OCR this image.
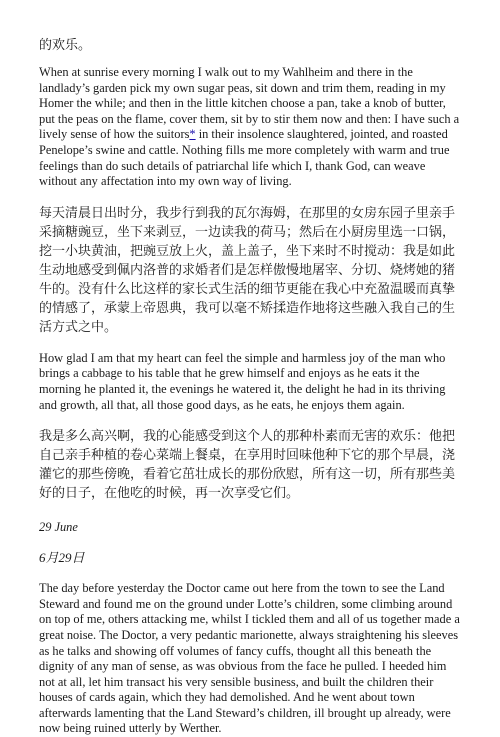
的欢乐。

When at sunrise every morning I walk out to my Wahlheim and there in the landlady’s garden pick my own sugar peas, sit down and trim them, reading in my Homer the while; and then in the little kitchen choose a pan, take a knob of butter, put the peas on the flame, cover them, sit by to stir them now and then: I have such a lively sense of how the suitors* in their insolence slaughtered, jointed, and roasted Penelope’s swine and cattle. Nothing fills me more completely with warm and true feelings than do such details of patriarchal life which I, thank God, can weave without any affectation into my own way of living.

每天清晨日出时分，我步行到我的瓦尔海姆，在那里的女房东园子里亲手采摘糖豌豆，坐下来剥豆，一边读我的荷马；然后在小厨房里选一口锅，挖一小块黄油，把豌豆放上火，盖上盖子，坐下来时不时搅动：我是如此生动地感受到佩内洛普的求婚者们是怎样傲慢地屠宰、分切、烧烤她的猪牛的。没有什么比这样的家长式生活的细节更能在我心中充盈温暖而真挚的情感了，承蒙上帝恩典，我可以毫不矫揉造作地将这些融入我自己的生活方式之中。

How glad I am that my heart can feel the simple and harmless joy of the man who brings a cabbage to his table that he grew himself and enjoys as he eats it the morning he planted it, the evenings he watered it, the delight he had in its thriving and growth, all that, all those good days, as he eats, he enjoys them again.

我是多么高兴啊，我的心能感受到这个人的那种朴素而无害的欢乐：他把自己亲手种植的卷心菜端上餐桌，在享用时回味他种下它的那个早晨，浇灌它的那些傍晚，看着它茁壮成长的那份欣慰，所有这一切，所有那些美好的日子，在他吃的时候，再一次享受它们。

29 June

6月29日

The day before yesterday the Doctor came out here from the town to see the Land Steward and found me on the ground under Lotte’s children, some climbing around on top of me, others attacking me, whilst I tickled them and all of us together made a great noise. The Doctor, a very pedantic marionette, always straightening his sleeves as he talks and showing off volumes of fancy cuffs, thought all this beneath the dignity of any man of sense, as was obvious from the face he pulled. I heeded him not at all, let him transact his very sensible business, and built the children their houses of cards again, which they had demolished. And he went about town afterwards lamenting that the Land Steward’s children, ill brought up already, were now being ruined utterly by Werther.
